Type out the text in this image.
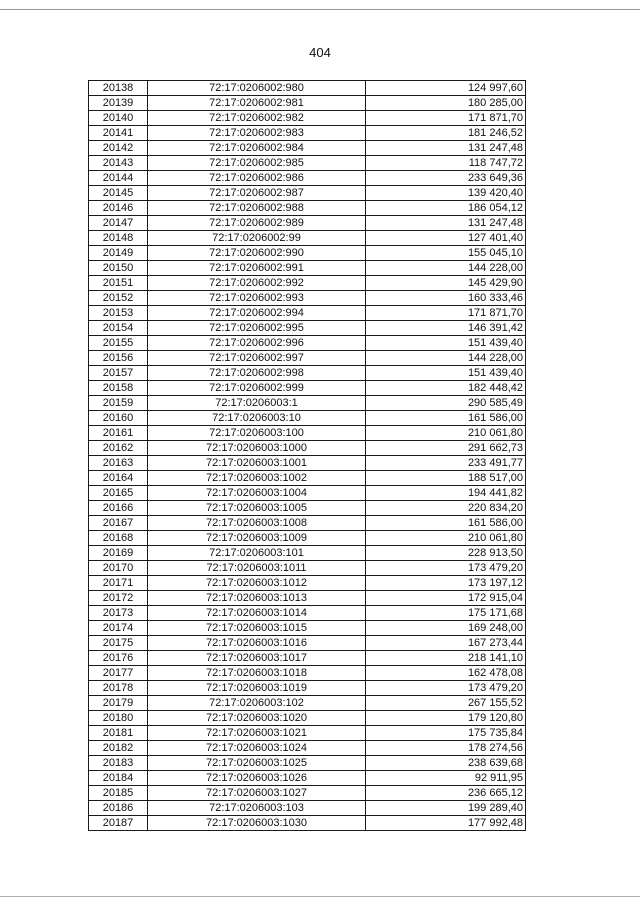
404
20138	72:17:0206002:980	124 997,60
20139	72:17:0206002:981	180 285,00
20140	72:17:0206002:982	171 871,70
20141	72:17:0206002:983	181 246,52
20142	72:17:0206002:984	131 247,48
20143	72:17:0206002:985	118 747,72
20144	72:17:0206002:986	233 649,36
20145	72:17:0206002:987	139 420,40
20146	72:17:0206002:988	186 054,12
20147	72:17:0206002:989	131 247,48
20148	72:17:0206002:99	127 401,40
20149	72:17:0206002:990	155 045,10
20150	72:17:0206002:991	144 228,00
20151	72:17:0206002:992	145 429,90
20152	72:17:0206002:993	160 333,46
20153	72:17:0206002:994	171 871,70
20154	72:17:0206002:995	146 391,42
20155	72:17:0206002:996	151 439,40
20156	72:17:0206002:997	144 228,00
20157	72:17:0206002:998	151 439,40
20158	72:17:0206002:999	182 448,42
20159	72:17:0206003:1	290 585,49
20160	72:17:0206003:10	161 586,00
20161	72:17:0206003:100	210 061,80
20162	72:17:0206003:1000	291 662,73
20163	72:17:0206003:1001	233 491,77
20164	72:17:0206003:1002	188 517,00
20165	72:17:0206003:1004	194 441,82
20166	72:17:0206003:1005	220 834,20
20167	72:17:0206003:1008	161 586,00
20168	72:17:0206003:1009	210 061,80
20169	72:17:0206003:101	228 913,50
20170	72:17:0206003:1011	173 479,20
20171	72:17:0206003:1012	173 197,12
20172	72:17:0206003:1013	172 915,04
20173	72:17:0206003:1014	175 171,68
20174	72:17:0206003:1015	169 248,00
20175	72:17:0206003:1016	167 273,44
20176	72:17:0206003:1017	218 141,10
20177	72:17:0206003:1018	162 478,08
20178	72:17:0206003:1019	173 479,20
20179	72:17:0206003:102	267 155,52
20180	72:17:0206003:1020	179 120,80
20181	72:17:0206003:1021	175 735,84
20182	72:17:0206003:1024	178 274,56
20183	72:17:0206003:1025	238 639,68
20184	72:17:0206003:1026	92 911,95
20185	72:17:0206003:1027	236 665,12
20186	72:17:0206003:103	199 289,40
20187	72:17:0206003:1030	177 992,48
